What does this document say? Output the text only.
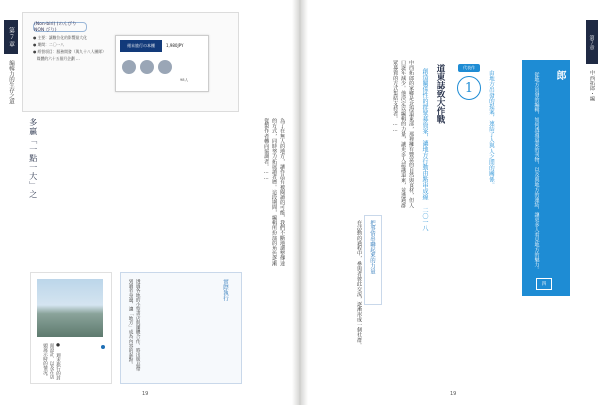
第７章
編輯力的生存之道
(Non-biri) (のんびり NON びり)
● 主要：讓數位化的影響最大化
● 期間：二〇一八
● 經營項目：服務開發（與九十八人團隊）
　媒體的六十五個月企劃 …
週末旅行の本棚	1,980JPY
98人
多贏「一點一大」之	為了在無人的地方，讓作品有被閱讀的可能，我們不斷地調整傳達的方式，同時努力拓展讀者層。這段期間，編輯所扮演的角色逐漸從製作者轉向協調者。……
● 週末旅行的封面設計，以及在店頭展示時的情況。
實際執行
透過各地的小型書店與團體合作，將出版品帶到讀者身邊，讓「地方」成為內容的起點。
19
中西拓郎的家鄉是北海道東部，那裡擁有豐富的自然與食材，但人口逐年減少。他決定以編輯的力量，讓更多人認識道東，並透過群眾募資的方式集結支持者。……
在活動的過程中，參與者彼此交流，逐漸形成一個社群。 把事情串聯起來的力量
創造關係性的群眾募資案，讓地方行動由點串成線 二〇一八 道東誌致大作戰	代表作
1	由地方出發的提案，連結了人與人之間的關係。	編輯力代表作×中西拓郎
從地方出發的編輯，如何透過道東的刊物，以及與地方的連結，讓更多人看見地方的魅力。
四
19
第７章
中西拓郎・編
